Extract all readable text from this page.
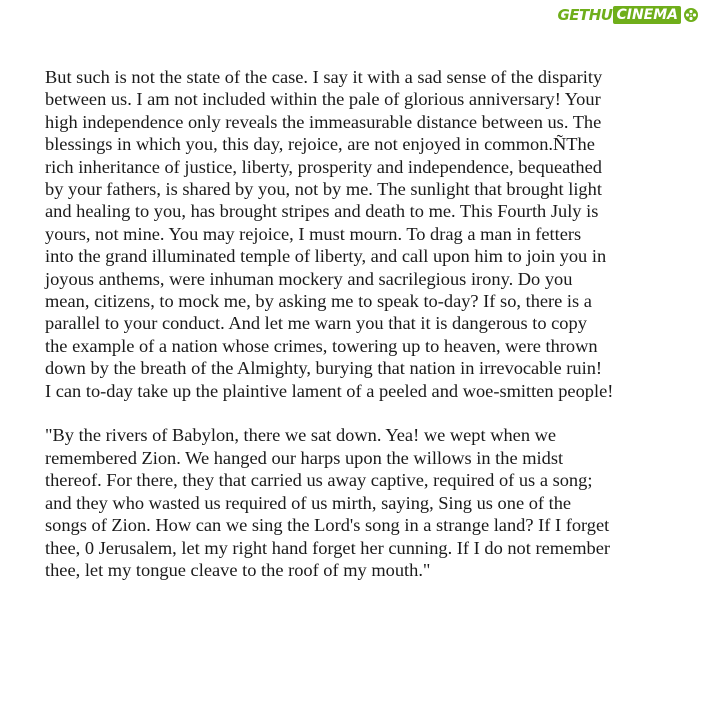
GETHU CINEMA

But such is not the state of the case. I say it with a sad sense of the disparity
between us. I am not included within the pale of glorious anniversary! Your
high independence only reveals the immeasurable distance between us. The
blessings in which you, this day, rejoice, are not enjoyed in common.ÑThe
rich inheritance of justice, liberty, prosperity and independence, bequeathed
by your fathers, is shared by you, not by me. The sunlight that brought light
and healing to you, has brought stripes and death to me. This Fourth July is
yours, not mine. You may rejoice, I must mourn. To drag a man in fetters
into the grand illuminated temple of liberty, and call upon him to join you in
joyous anthems, were inhuman mockery and sacrilegious irony. Do you
mean, citizens, to mock me, by asking me to speak to-day? If so, there is a
parallel to your conduct. And let me warn you that it is dangerous to copy
the example of a nation whose crimes, towering up to heaven, were thrown
down by the breath of the Almighty, burying that nation in irrevocable ruin!
I can to-day take up the plaintive lament of a peeled and woe-smitten people!

"By the rivers of Babylon, there we sat down. Yea! we wept when we
remembered Zion. We hanged our harps upon the willows in the midst
thereof. For there, they that carried us away captive, required of us a song;
and they who wasted us required of us mirth, saying, Sing us one of the
songs of Zion. How can we sing the Lord's song in a strange land? If I forget
thee, 0 Jerusalem, let my right hand forget her cunning. If I do not remember
thee, let my tongue cleave to the roof of my mouth."
